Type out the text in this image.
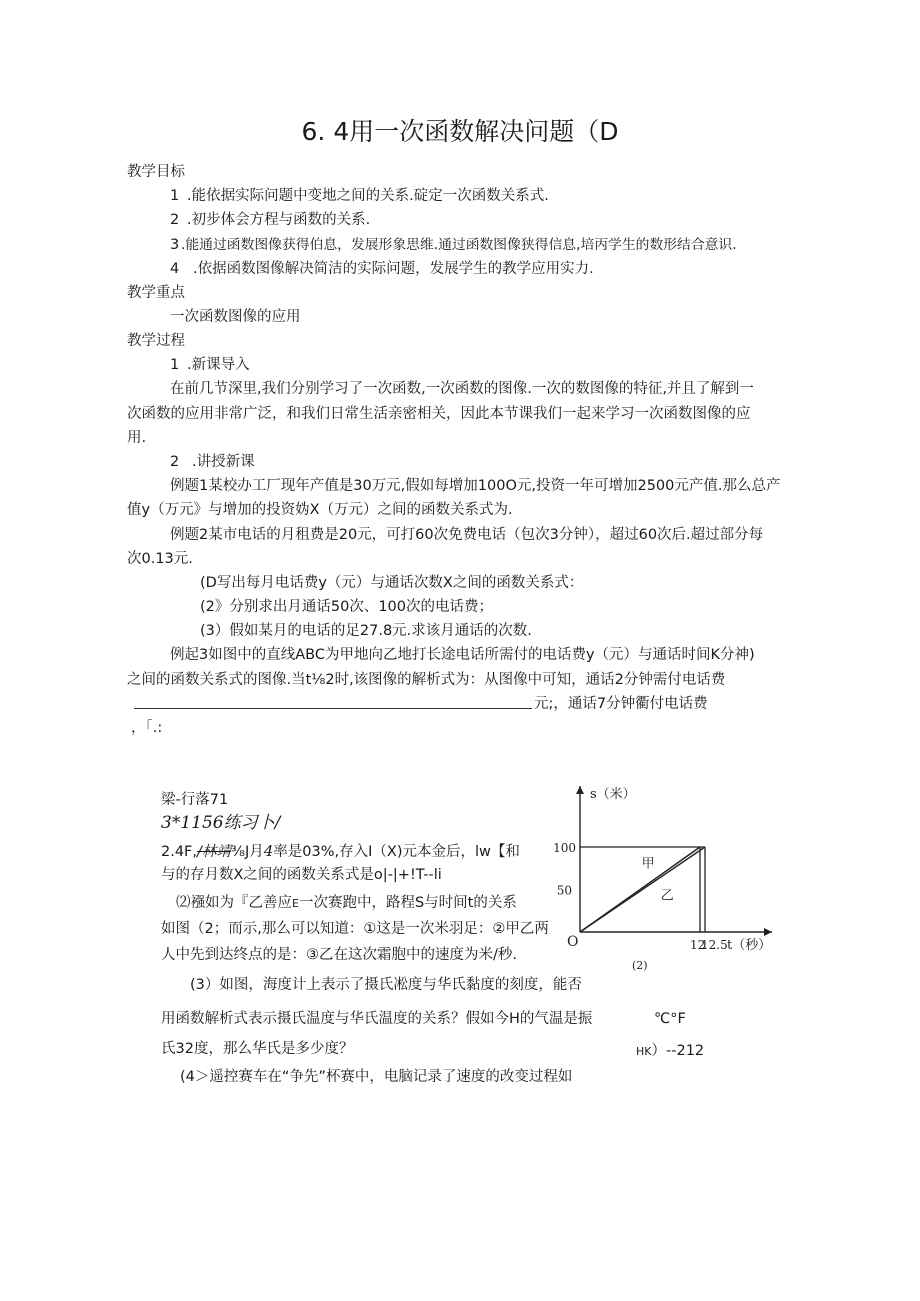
6. 4用一次函数解决问题（D
教学目标
1 .能依据实际问题中变地之间的关系.碇定一次函数关系式.
2 .初步体会方程与函数的关系.
3 .能通过函数图像获得伯息，发展形象思维.通过函数图像狭得信息,培丙学生的数形结合意识.
4 .依据函数图像解决简洁的实际问题，发展学生的教学应用实力.
教学重点
一次函数图像的应用
教学过程
1 .新课导入
在前几节深里,我们分别学习了一次函数,一次函数的图像.一次的数图像的特征,并且了解到一
次函数的应用非常广泛，和我们日常生活亲密相关，因此本节课我们一起来学习一次函数图像的应
用.
2 .讲授新课
例题1某校办工厂现年产值是30万元,假如每增加100O元,投资一年可增加2500元产值.那么总产
值y（万元》与增加的投资妫X（万元）之间的函数关系式为.
例题2某市电话的月租费是20元，可打60次免费电话（包次3分钟），超过60次后.超过部分每
次0.13元.
(D写出每月电话费y（元）与通话次数X之间的函数关系式：
(2》分别求出月通话50次、100次的电话费；
(3）假如某月的电话的足27.8元.求该月通话的次数.
例起3如图中的直线ABC为甲地向乙地打长途电话所需付的电话费y（元）与通话时间K分神)
之间的函数关系式的图像.当t⅛2时,该图像的解析式为：从图像中可知，通话2分钟需付电话费
元;，通话7分钟衢付电话费
，「.:
梁-行落71
3*1156练习卜/
2.4F,/林靖⅜J月4率是03%,存入I（X)元本金后，lw【和
与的存月数X之间的函数关系式是o|-|+!T--li
⑵襁如为『乙善应E一次赛跑中，路程S与时间t的关系
如图（2；而示,那么可以知道：①这是一次米羽足：②甲乙两
人中先到达终点的是：③乙在这次霜胞中的速度为米/秒.
(3）如图，海度计上表示了摄氏凇度与华氏黏度的刻度，能否
用函数解析式表示摄氏温度与华氏温度的关系？假如今H的气温是振	℃°F
氏32度，那么华氏是多少度？	HK）--212
(4＞遥控赛车在“争先”杯赛中，电脑记录了速度的改变过程如
s（米）
t（秒）
O
(2)
12
12.5
50
100
甲
乙
